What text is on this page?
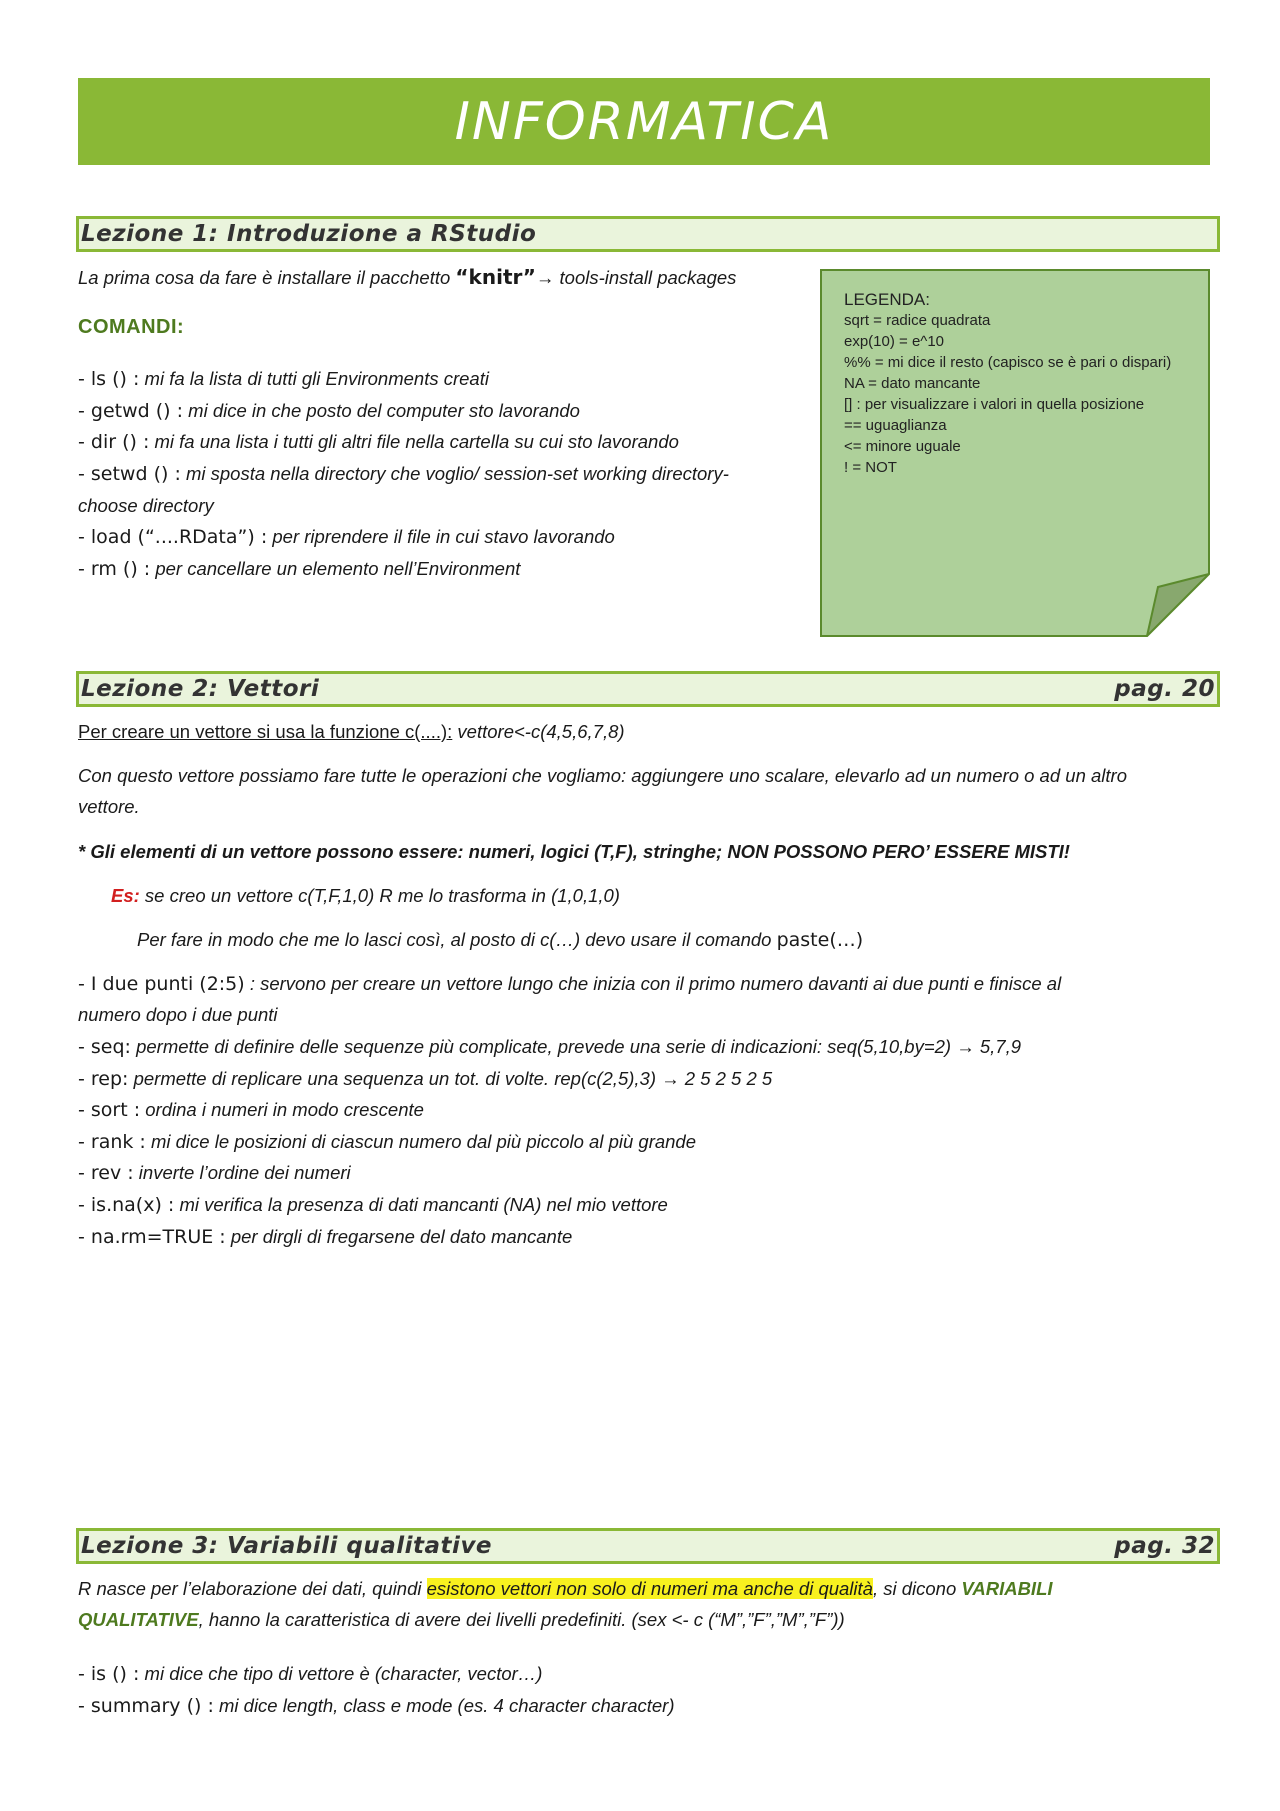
INFORMATICA
Lezione 1: Introduzione a RStudio
La prima cosa da fare è installare il pacchetto “knitr”→ tools-install packages
COMANDI:
- ls () : mi fa la lista di tutti gli Environments creati
- getwd () : mi dice in che posto del computer sto lavorando
- dir () : mi fa una lista i tutti gli altri file nella cartella su cui sto lavorando
- setwd () : mi sposta nella directory che voglio/ session-set working directory-
choose directory
- load (“....RData”) : per riprendere il file in cui stavo lavorando
- rm () : per cancellare un elemento nell’Environment
LEGENDA:
sqrt = radice quadrata
exp(10) = e^10
%% = mi dice il resto (capisco se è pari o dispari)
NA = dato mancante
[] : per visualizzare i valori in quella posizione
== uguaglianza
<= minore uguale
! = NOT
Lezione 2: Vettori	pag. 20
Per creare un vettore si usa la funzione c(....): vettore<-c(4,5,6,7,8)
Con questo vettore possiamo fare tutte le operazioni che vogliamo: aggiungere uno scalare, elevarlo ad un numero o ad un altro
vettore.
* Gli elementi di un vettore possono essere: numeri, logici (T,F), stringhe; NON POSSONO PERO’ ESSERE MISTI!
Es: se creo un vettore c(T,F,1,0) R me lo trasforma in (1,0,1,0)
Per fare in modo che me lo lasci così, al posto di c(…) devo usare il comando paste(…)
- I due punti (2:5) : servono per creare un vettore lungo che inizia con il primo numero davanti ai due punti e finisce al
numero dopo i due punti
- seq: permette di definire delle sequenze più complicate, prevede una serie di indicazioni: seq(5,10,by=2) → 5,7,9
- rep: permette di replicare una sequenza un tot. di volte. rep(c(2,5),3) → 2 5 2 5 2 5
- sort : ordina i numeri in modo crescente
- rank : mi dice le posizioni di ciascun numero dal più piccolo al più grande
- rev : inverte l’ordine dei numeri
- is.na(x) : mi verifica la presenza di dati mancanti (NA) nel mio vettore
- na.rm=TRUE : per dirgli di fregarsene del dato mancante
Lezione 3: Variabili qualitative	pag. 32
R nasce per l’elaborazione dei dati, quindi esistono vettori non solo di numeri ma anche di qualità, si dicono VARIABILI
QUALITATIVE, hanno la caratteristica di avere dei livelli predefiniti. (sex <- c (“M”,”F”,”M”,”F”))
- is () : mi dice che tipo di vettore è (character, vector…)
- summary () : mi dice length, class e mode (es. 4 character character)
